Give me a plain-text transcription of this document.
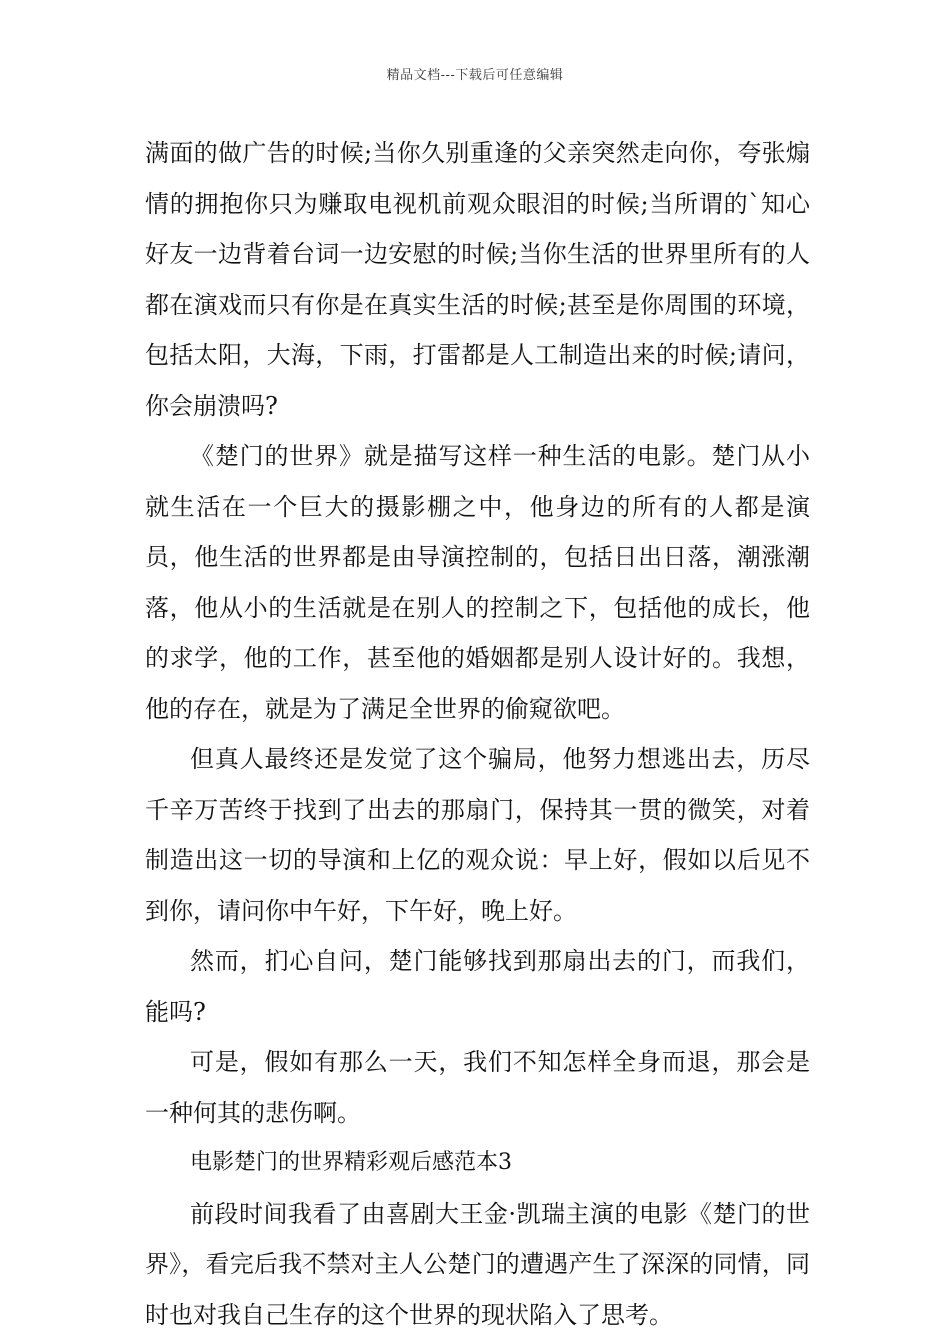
精品文档---下载后可任意编辑

满面的做广告的时候;当你久别重逢的父亲突然走向你，夸张煽情的拥抱你只为赚取电视机前观众眼泪的时候;当所谓的`知心好友一边背着台词一边安慰的时候;当你生活的世界里所有的人都在演戏而只有你是在真实生活的时候;甚至是你周围的环境，包括太阳，大海，下雨，打雷都是人工制造出来的时候;请问，你会崩溃吗?

《楚门的世界》就是描写这样一种生活的电影。楚门从小就生活在一个巨大的摄影棚之中，他身边的所有的人都是演员，他生活的世界都是由导演控制的，包括日出日落，潮涨潮落，他从小的生活就是在别人的控制之下，包括他的成长，他的求学，他的工作，甚至他的婚姻都是别人设计好的。我想，他的存在，就是为了满足全世界的偷窥欲吧。

但真人最终还是发觉了这个骗局，他努力想逃出去，历尽千辛万苦终于找到了出去的那扇门，保持其一贯的微笑，对着制造出这一切的导演和上亿的观众说：早上好，假如以后见不到你，请问你中午好，下午好，晚上好。

然而，扪心自问，楚门能够找到那扇出去的门，而我们，能吗?

可是，假如有那么一天，我们不知怎样全身而退，那会是一种何其的悲伤啊。

电影楚门的世界精彩观后感范本3

前段时间我看了由喜剧大王金·凯瑞主演的电影《楚门的世界》，看完后我不禁对主人公楚门的遭遇产生了深深的同情，同时也对我自己生存的这个世界的现状陷入了思考。
